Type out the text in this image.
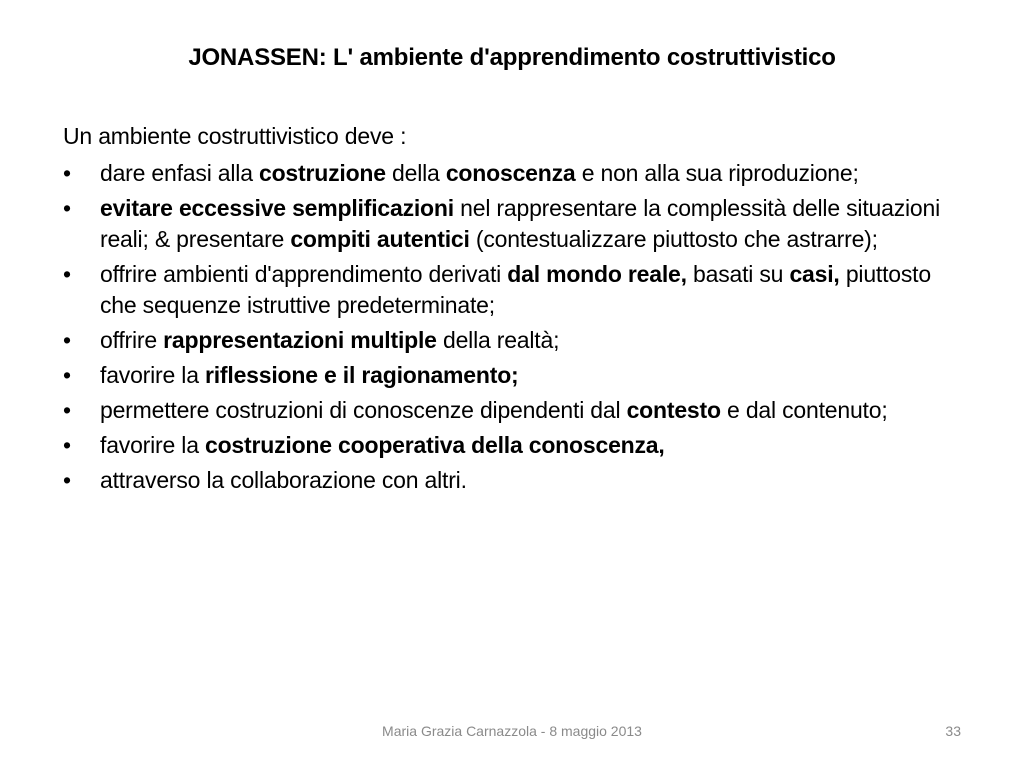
JONASSEN: L' ambiente d'apprendimento costruttivistico
Un ambiente costruttivistico deve :
•	dare enfasi alla costruzione della conoscenza e non alla sua riproduzione;
•	evitare eccessive semplificazioni nel rappresentare la complessità delle situazioni reali; & presentare compiti autentici (contestualizzare piuttosto che astrarre);
•	offrire ambienti d'apprendimento derivati dal mondo reale, basati su casi, piuttosto che sequenze istruttive predeterminate;
•	offrire rappresentazioni multiple della realtà;
•	favorire la riflessione e il ragionamento;
•	permettere costruzioni di conoscenze dipendenti dal contesto e dal contenuto;
•	favorire la costruzione cooperativa della conoscenza,
•	attraverso la collaborazione con altri.
Maria Grazia Carnazzola - 8 maggio 2013	33
